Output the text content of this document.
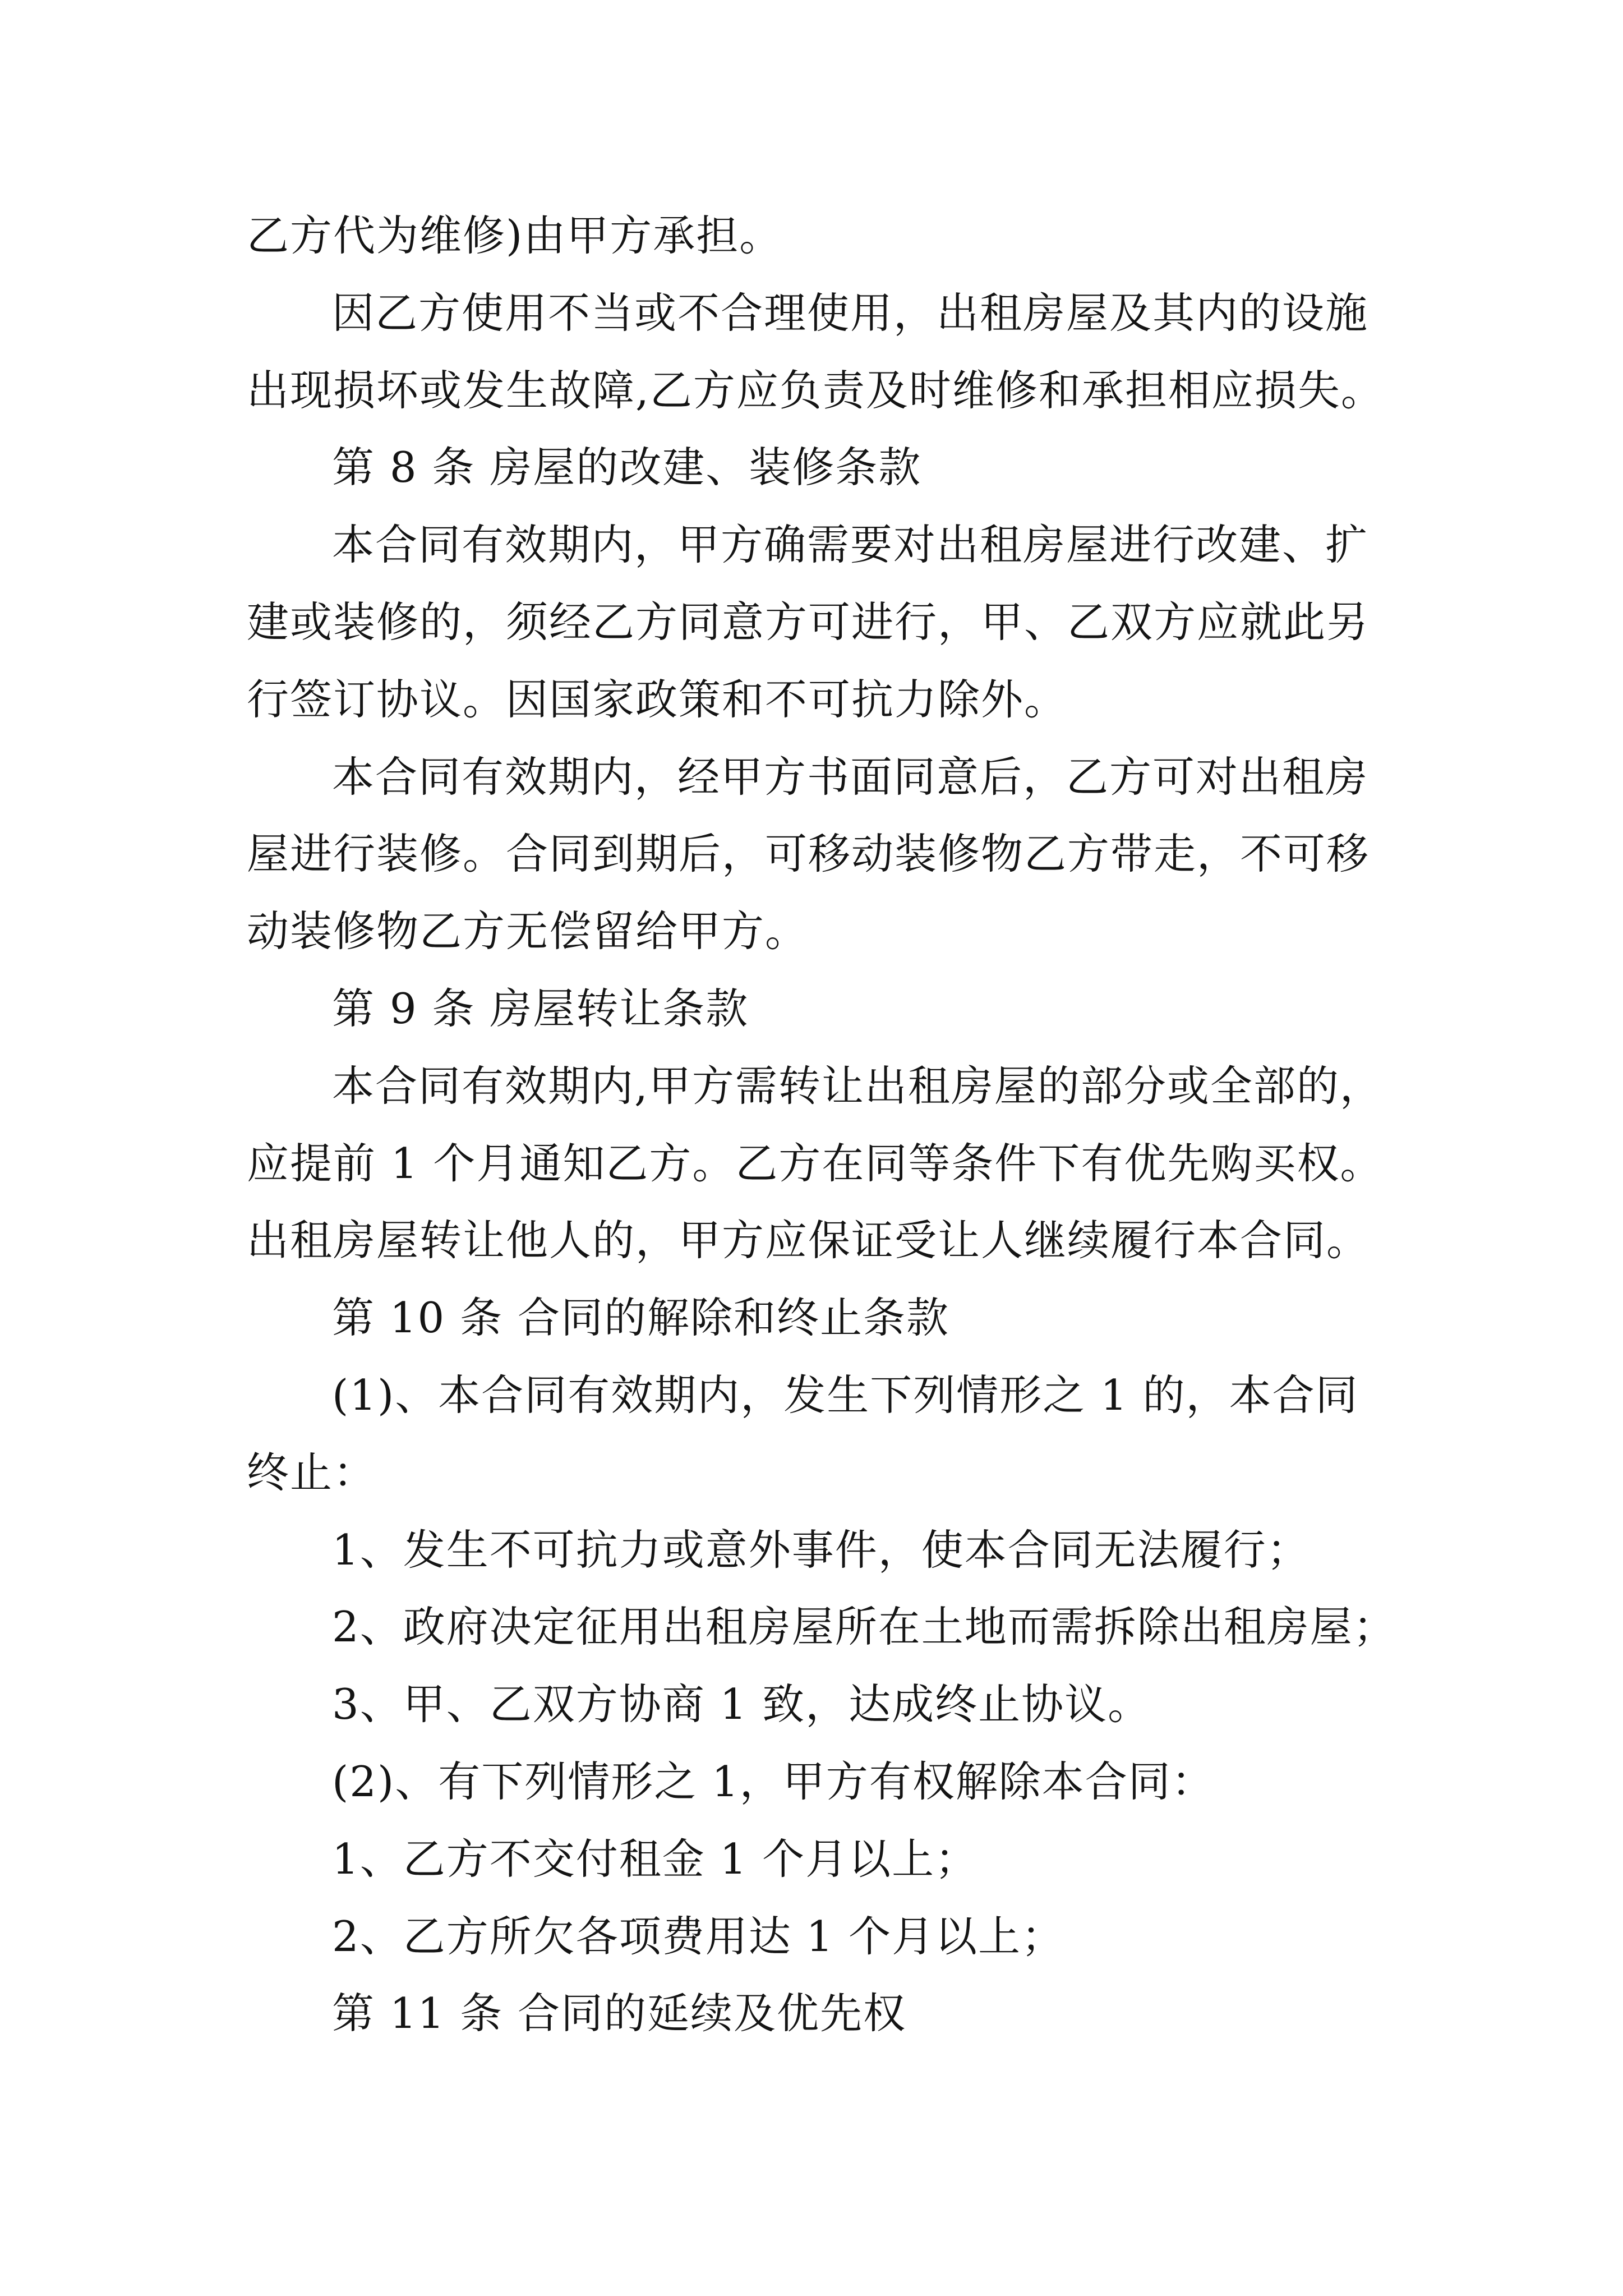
乙方代为维修)由甲方承担。
因乙方使用不当或不合理使用，出租房屋及其内的设施
出现损坏或发生故障,乙方应负责及时维修和承担相应损失。
第 8 条 房屋的改建、装修条款
本合同有效期内，甲方确需要对出租房屋进行改建、扩
建或装修的，须经乙方同意方可进行，甲、乙双方应就此另
行签订协议。因国家政策和不可抗力除外。
本合同有效期内，经甲方书面同意后，乙方可对出租房
屋进行装修。合同到期后，可移动装修物乙方带走，不可移
动装修物乙方无偿留给甲方。
第 9 条 房屋转让条款
本合同有效期内,甲方需转让出租房屋的部分或全部的，
应提前 1 个月通知乙方。乙方在同等条件下有优先购买权。
出租房屋转让他人的，甲方应保证受让人继续履行本合同。
第 10 条 合同的解除和终止条款
(1)、本合同有效期内，发生下列情形之 1 的，本合同
终止：
1、发生不可抗力或意外事件，使本合同无法履行；
2、政府决定征用出租房屋所在土地而需拆除出租房屋；
3、甲、乙双方协商 1 致，达成终止协议。
(2)、有下列情形之 1，甲方有权解除本合同：
1、乙方不交付租金 1 个月以上；
2、乙方所欠各项费用达 1 个月以上；
第 11 条 合同的延续及优先权
